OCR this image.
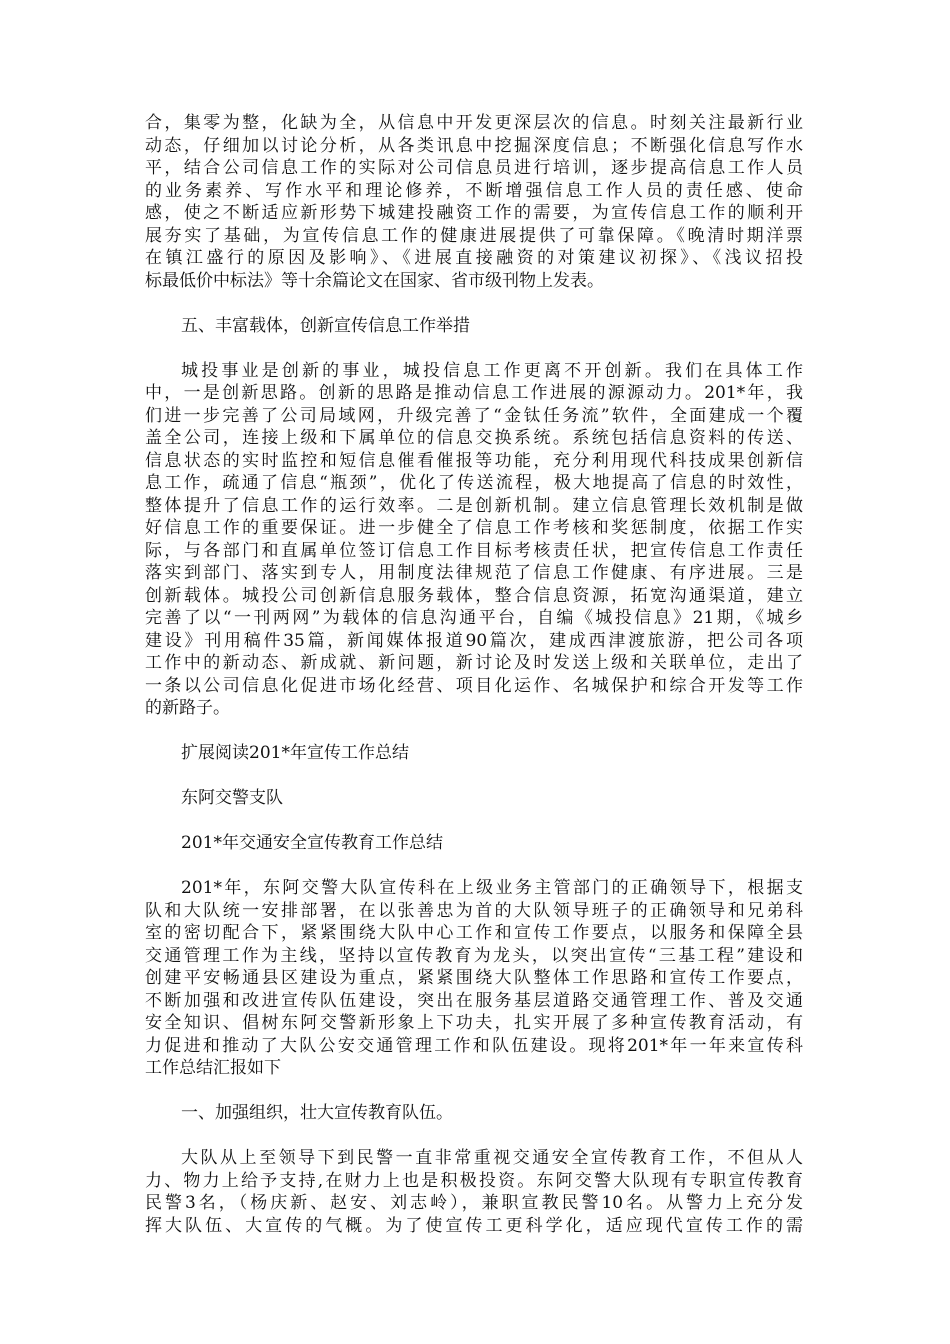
合，集零为整，化缺为全，从信息中开发更深层次的信息。时刻关注最新行业
动态，仔细加以讨论分析，从各类讯息中挖掘深度信息；不断强化信息写作水
平，结合公司信息工作的实际对公司信息员进行培训，逐步提高信息工作人员
的业务素养、写作水平和理论修养，不断增强信息工作人员的责任感、使命
感，使之不断适应新形势下城建投融资工作的需要，为宣传信息工作的顺利开
展夯实了基础，为宣传信息工作的健康进展提供了可靠保障。《晚清时期洋票
在镇江盛行的原因及影响》、《进展直接融资的对策建议初探》、《浅议招投
标最低价中标法》等十余篇论文在国家、省市级刊物上发表。
五、丰富载体，创新宣传信息工作举措
城投事业是创新的事业，城投信息工作更离不开创新。我们在具体工作
中，一是创新思路。创新的思路是推动信息工作进展的源源动力。201*年，我
们进一步完善了公司局域网，升级完善了“金钛任务流”软件，全面建成一个覆
盖全公司，连接上级和下属单位的信息交换系统。系统包括信息资料的传送、
信息状态的实时监控和短信息催看催报等功能，充分利用现代科技成果创新信
息工作，疏通了信息“瓶颈”，优化了传送流程，极大地提高了信息的时效性，
整体提升了信息工作的运行效率。二是创新机制。建立信息管理长效机制是做
好信息工作的重要保证。进一步健全了信息工作考核和奖惩制度，依据工作实
际，与各部门和直属单位签订信息工作目标考核责任状，把宣传信息工作责任
落实到部门、落实到专人，用制度法律规范了信息工作健康、有序进展。三是
创新载体。城投公司创新信息服务载体，整合信息资源，拓宽沟通渠道，建立
完善了以“一刊两网”为载体的信息沟通平台，自编《城投信息》21期，《城乡
建设》刊用稿件35篇，新闻媒体报道90篇次，建成西津渡旅游，把公司各项
工作中的新动态、新成就、新问题，新讨论及时发送上级和关联单位，走出了
一条以公司信息化促进市场化经营、项目化运作、名城保护和综合开发等工作
的新路子。
扩展阅读201*年宣传工作总结
东阿交警支队
201*年交通安全宣传教育工作总结
201*年，东阿交警大队宣传科在上级业务主管部门的正确领导下，根据支
队和大队统一安排部署，在以张善忠为首的大队领导班子的正确领导和兄弟科
室的密切配合下，紧紧围绕大队中心工作和宣传工作要点，以服务和保障全县
交通管理工作为主线，坚持以宣传教育为龙头，以突出宣传“三基工程”建设和
创建平安畅通县区建设为重点，紧紧围绕大队整体工作思路和宣传工作要点，
不断加强和改进宣传队伍建设，突出在服务基层道路交通管理工作、普及交通
安全知识、倡树东阿交警新形象上下功夫，扎实开展了多种宣传教育活动，有
力促进和推动了大队公安交通管理工作和队伍建设。现将201*年一年来宣传科
工作总结汇报如下
一、加强组织，壮大宣传教育队伍。
大队从上至领导下到民警一直非常重视交通安全宣传教育工作，不但从人
力、物力上给予支持,在财力上也是积极投资。东阿交警大队现有专职宣传教育
民警3名，（杨庆新、赵安、刘志岭），兼职宣教民警10名。从警力上充分发
挥大队伍、大宣传的气概。为了使宣传工更科学化，适应现代宣传工作的需
